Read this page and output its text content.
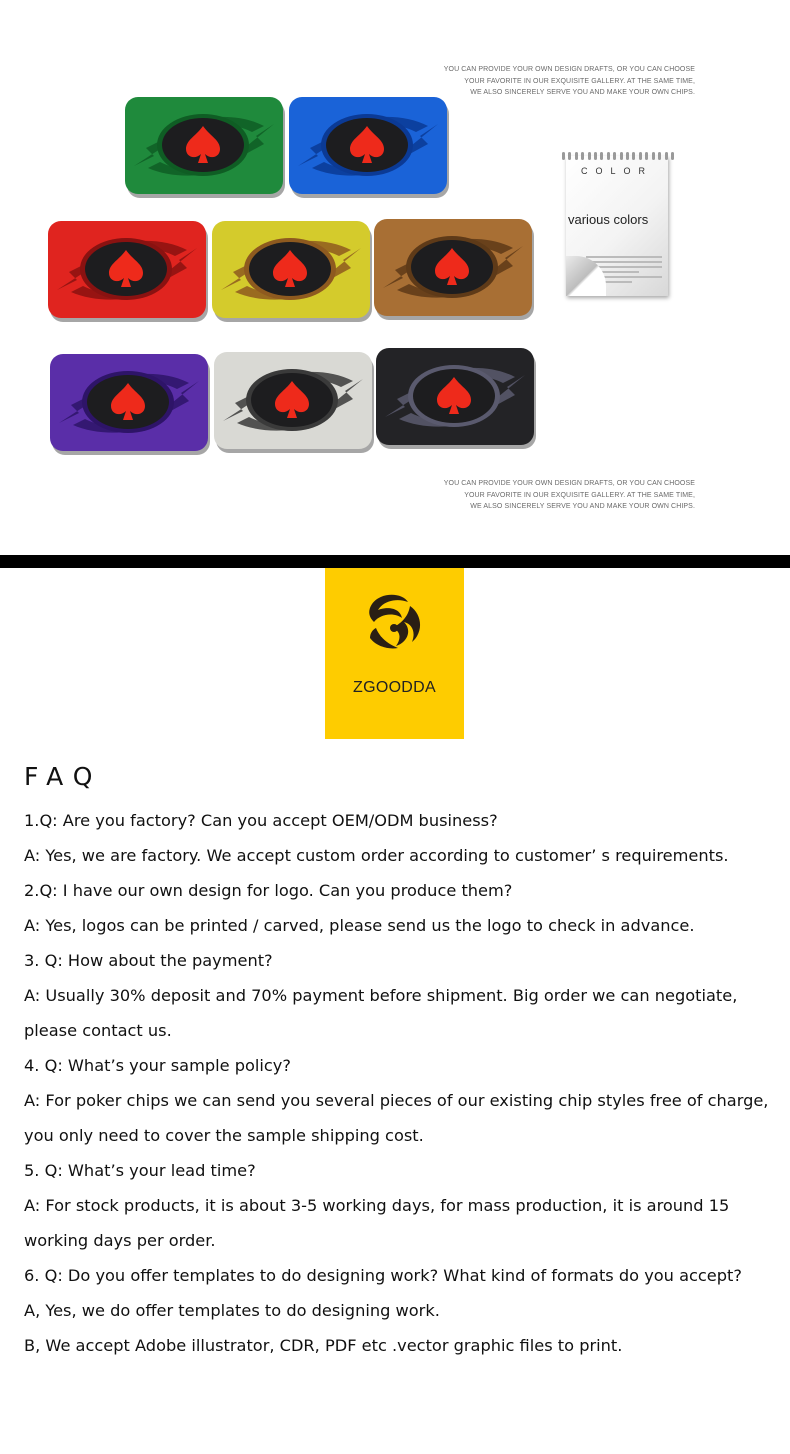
YOU CAN PROVIDE YOUR OWN DESIGN DRAFTS, OR YOU CAN CHOOSE
YOUR FAVORITE IN OUR EXQUISITE GALLERY. AT THE SAME TIME,
WE ALSO SINCERELY SERVE YOU AND MAKE YOUR OWN CHIPS.
COLOR
various colors
YOU CAN PROVIDE YOUR OWN DESIGN DRAFTS, OR YOU CAN CHOOSE
YOUR FAVORITE IN OUR EXQUISITE GALLERY. AT THE SAME TIME,
WE ALSO SINCERELY SERVE YOU AND MAKE YOUR OWN CHIPS.
ZGOODDA
FAQ
1.Q: Are you factory? Can you accept OEM/ODM business?
A: Yes, we are factory. We accept custom order according to customer’ s requirements.
2.Q: I have our own design for logo. Can you produce them?
A: Yes, logos can be printed / carved, please send us the logo to check in advance.
3. Q: How about the payment?
A: Usually 30% deposit and 70% payment before shipment. Big order we can negotiate,
please contact us.
4. Q: What’s your sample policy?
A: For poker chips we can send you several pieces of our existing chip styles free of charge,
you only need to cover the sample shipping cost.
5. Q: What’s your lead time?
A: For stock products, it is about 3-5 working days, for mass production, it is around 15
working days per order.
6. Q: Do you offer templates to do designing work? What kind of formats do you accept?
A, Yes, we do offer templates to do designing work.
B, We accept Adobe illustrator, CDR, PDF etc .vector graphic files to print.
